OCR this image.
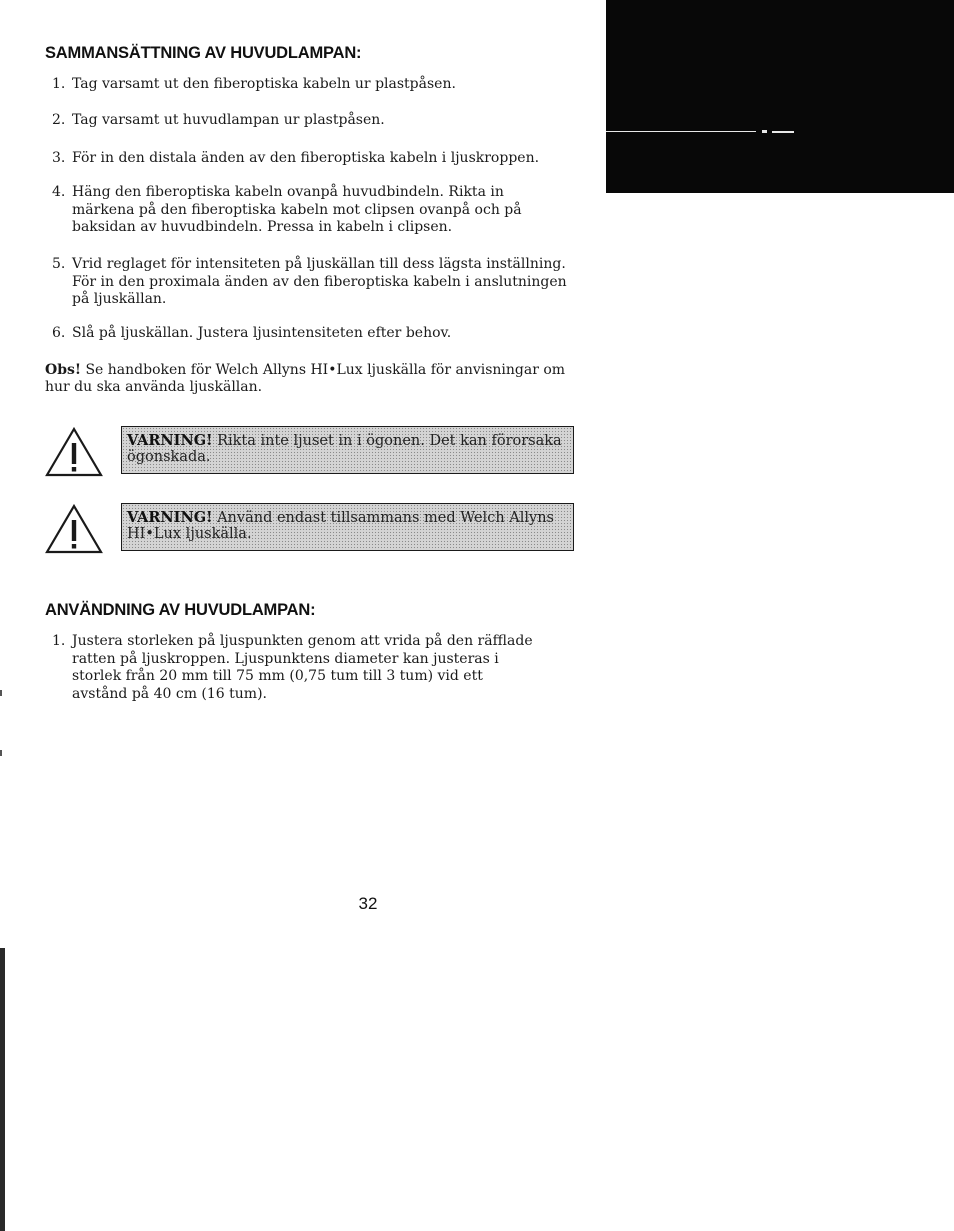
SAMMANSÄTTNING AV HUVUDLAMPAN:
1. Tag varsamt ut den fiberoptiska kabeln ur plastpåsen.
2. Tag varsamt ut huvudlampan ur plastpåsen.
3. För in den distala änden av den fiberoptiska kabeln i ljuskroppen.
4. Häng den fiberoptiska kabeln ovanpå huvudbindeln. Rikta in märkena på den fiberoptiska kabeln mot clipsen ovanpå och på baksidan av huvudbindeln. Pressa in kabeln i clipsen.
5. Vrid reglaget för intensiteten på ljuskällan till dess lägsta inställning. För in den proximala änden av den fiberoptiska kabeln i anslutningen på ljuskällan.
6. Slå på ljuskällan. Justera ljusintensiteten efter behov.

Obs! Se handboken för Welch Allyns HI•Lux ljuskälla för anvisningar om hur du ska använda ljuskällan.

VARNING! Rikta inte ljuset in i ögonen. Det kan förorsaka ögonskada.
VARNING! Använd endast tillsammans med Welch Allyns HI•Lux ljuskälla.
ANVÄNDNING AV HUVUDLAMPAN:
1. Justera storleken på ljuspunkten genom att vrida på den räfflade ratten på ljuskroppen. Ljuspunktens diameter kan justeras i storlek från 20 mm till 75 mm (0,75 tum till 3 tum) vid ett avstånd på 40 cm (16 tum).
32
